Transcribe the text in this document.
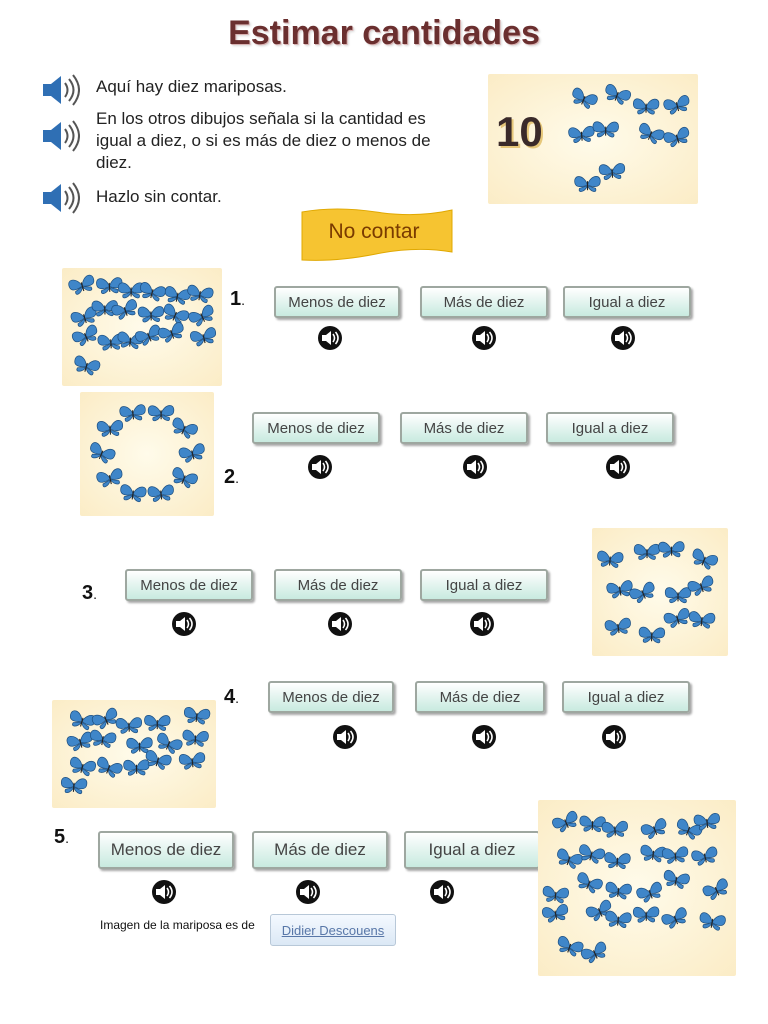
Estimar cantidades
Aquí hay diez mariposas.
En los otros dibujos señala si la cantidad es igual a diez, o si es más de diez o menos de diez.
Hazlo sin contar.
10
No contar
1.	Menos de diez	Más de diez	Igual a diez
2.
Menos de diez	Más de diez	Igual a diez
3.
Menos de diez	Más de diez	Igual a diez
4.	Menos de diez	Más de diez	Igual a diez
5.
Menos de diez	Más de diez	Igual a diez
Imagen de la mariposa es de	Didier Descouens
